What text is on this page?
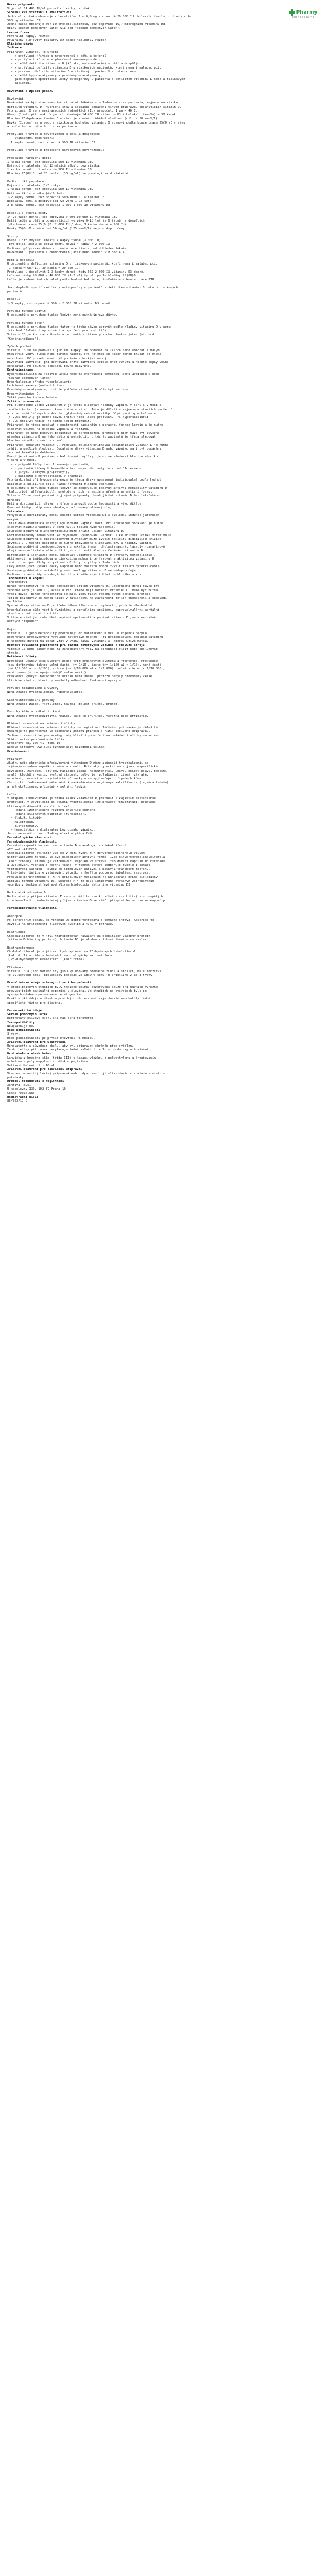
Pharmy
online lékárna
Název přípravku
Vigantol 14 400 IU/ml perorální kapky, roztok
Složení kvalitativní i kvalitativní
Jedna ml roztoku obsahuje colecalciferolum 0,5 mg (odpovídá 20 000 IU cholecalciferolu, což odpovídá
500 ug vitaminu D3).
Jedna kapka obsahuje 667 IU cholecalciferolu, což odpovídá 16,7 mikrogramu vitaminu D3.
Úplný seznam pomocných látek viz bod "Seznam pomocných látek".
Léková forma
Perorální kapky, roztok
Průzračný olejovitý bezbarvý až slabě nažloutlý roztok.
Klinické údaje
Indikace
Přípravek Vigantol je určen:
- k profylaxi křivice u novorozenců a dětí a kojenců,
- k profylaxi křivice u předčasně narozených dětí,
- k léčbě deficitu vitaminu D (křivka, osteomalacie) u dětí a dospělých,
- k profylaxi deficitu vitaminu D u rizikových pacientů, kteří nemají malabsorpci,
- k prevenci deficitu vitaminu D u rizikových pacientů s osteoporózou,
- k léčbě hypoparatyreózy a pseudohypoparatyreózy,
- jako doplněk specifické léčby osteoporózy u pacientů s deficitem vitaminu D nebo u rizikových
pacientů.
Dávkování a způsob podání
Dávkování
Dávkování má být stanoveno individuálně lékařem s ohledem na stav pacienta, zejména na riziko
deficitu vitaminu D, nutriční stav a současné podávání jiných přípravků obsahujících vitamin D.
Pro vitamin D se v mezinárodních jednotkách (IU) přepočet: 1 µg = 40 IU.
Obsah (1 ml) přípravku Vigantol obsahuje 14 400 IU vitaminu D3 (cholekalciferolu) = 30 kapek.
Hladinu 25-hydroxyvitaminu D v séru je vhodné průběžně sledovat (cíl: > 50 nmol/l).
Dávka (IU/den) se u osob s rizikovou hodnotou vitaminu D stanoví podle koncentrace 25(OH)D v séru
a podle individuálního rizika pacienta.
Profylaxe křivice u novorozenců a dětí a dospělých:
- Standardní doporučení:
1 kapka denně, což odpovídá 500 IU vitaminu D3.
Profylaxe křivice u předčasně narozených novorozenců:
Předčasně narození děti:
1 kapka denně, což odpovídá 500 IU vitaminu D3.
Kojenci a batolata (do 12 měsíců věku), bez rizika:
1 kapka denně, což odpovídá 500 IU vitaminu D3.
Hladiny 25(OH)D nad 75 nmol/l (30 ng/ml) se považují za dostatečné.
Pediatrická populace
Kojenci a batolata (1-3 roky):
1 kapka denně, což odpovídá 500 IU vitaminu D3.
Děti ve školním věku (4-10 let):
1-2 kapky denně, což odpovídá 500-1000 IU vitaminu D3.
Batolata, děti a dospívající ve věku 1-18 let:
2-3 kapky denně, což odpovídá 1 000-1 500 IU vitaminu D3.
Dospělí a starší osoby
14-20 kapek denně, což odpovídá 7 000-10 000 IU vitaminu D3.
Delší léčba u dětí a dospívajících ve věku 0-18 let (a 6 týdnů) a dospělých:
(dle koncentrace 25(OH)D, 2 000 IU / den, 1 kapka denně = 500 IU)
Dávky 25(OH)D v séru nad 50 ng/ml (125 nmol/l) nejsou doporučeny.
Sirupy:
Dospělí pro zvýšení efektu 4 kapky týdně (2 000 IU).
(pro delší léčbu se užívá denní dávka 4 kapky = 2 000 IU)
Podávání přípravku dětem v prvním roce života pod dohledem lékaře.
Dávkování u pacientů s onemocněním jater nebo ledvin viz bod 4.4.
Děti a dospělí:
U pacientů s deficitem vitaminu D u rizikových pacientů, kteří nemají malabsorpci:
(1 kapka = 667 IU, 30 kapek = 20 000 IU)
Profylaxe u dospělých 1-3 kapky denně, tedy 667-2 000 IU vitaminu D3 denně.
Léčebné dávky 20 000 - 40 000 IU (1-2 ml) týdně, podle hladiny 25(OH)D.
Léčba je vedena individuálně podle hodnot kalcémie, fosfatémie a koncentrace PTH.
Jako doplněk specifické léčby osteoporózy u pacientů s deficitem vitaminu D nebo u rizikových
pacientů:
Dospělí
1-3 kapky, což odpovídá 500 - 2 000 IU vitaminu D3 denně.
Porucha funkce ledvin
U pacientů s poruchou funkce ledvin není nutná úprava dávky.
Porucha funkce jater
U pacientů s poruchou funkce jater je třeba dávku upravit podle hladiny vitaminu D v séru
(viz bod "Zvláštní upozornění a opatření pro použití").
Vitamin D3 je kontraindikován u pacientů s těžkou poruchou funkce jater (viz bod
"Kontraindikace").
Způsob podání
Vitamin D3 se má podávat s jídlem. Kapky lze podávat na lžičce nebo smíchat s malým
množstvím vody, mléka nebo jiného nápoje. Pro kojence se kapky mohou přidat do mléka
nebo kaše. Přípravek nesmí být podáván s horkými nápoji.
Dávkovací lahvička: při dávkování držte lahvičku svisle dnem vzhůru a nechte kapky volně
odkapávat. Po použití lahvičku pevně uzavřete.
Kontraindikace
Hypersenzitivita na léčivou látku nebo na kteroukoli pomocnou látku uvedenou v bodě
"Seznam pomocných látek".
Hyperkalcemie a/nebo hyperkalciurie.
Ledvinové kameny (nefrolitiáza).
Pseudohypoparatyreóza, protože potřeba vitaminu D může být snížena.
Hypervitaminóza D.
Těžká porucha funkce ledvin.
Zvláštní upozornění
Při dlouhodobé léčbě vitaminem D je třeba sledovat hladiny vápníku v séru a v moči a
renální funkci (stanovení kreatininu v séru). Toto je důležité zejména u starších pacientů
a u pacientů léčených srdečními glykosidy nebo diuretiky. V případě hyperkalcemie
(> 2,65 mmol/l) je nutné dávku snížit nebo léčbu přerušit. Při hyperkalciurii
(> 7,5 mmol/24 hodin) je nutné léčbu přerušit.
Přípravek je třeba podávat s opatrností pacientům s poruchou funkce ledvin a je nutné
sledovat účinek na hladinu vápníku a fosfátů.
Přípravek se nemá podávat pacientům se sarkoidózou, protože u nich může být zvýšená
přeměna vitaminu D na jeho aktivní metabolit. U těchto pacientů je třeba sledovat
hladinu vápníku v séru a v moči.
Přípravek obsahuje vitamin D. Podávání dalších přípravků obsahujících vitamin D je nutné
zvážit a pečlivě sledovat. Dodatečné dávky vitaminu D nebo vápníku mají být podávány
jen pod lékařským dohledem.
Pokud je vitamin D podáván s kalciovými doplňky, je nutné sledovat hladinu vápníku
v séru a v moči.
- v případě léčby imobilizovaných pacientů,
- u pacientů léčených benzothiadiazinovými deriváty (viz bod "Interakce
s jinými léčivými přípravky"),
- u pacientů s nefrolitiázou v anamnéze.
Pro dávkování při hypoparatyreóze je třeba dávky upravovat individuálně podle hodnot
kalcémie a kalciurie (cíl: nízká normální hladina vápníku).
U pacientů s poruchou funkce ledvin se doporučuje podávat aktivní metabolity vitaminu D
(kalcitriol, alfakalcidol), protože u nich je snížena přeměna na aktivní formu.
Vitamin D3 se nemá podávat s jinými přípravky obsahujícími vitamin D bez lékařského
dohledu.
Děti a dospívající: dávku je třeba stanovit podle hmotnosti a věku dítěte.
Pomocné látky: přípravek obsahuje rafinovaný olivový olej.
Interakce
Fenytoin a barbituráty mohou snížit účinek vitaminu D3 v důsledku indukce jaterních
enzymů.
Thiazidová diuretika snižují vylučování vápníku močí. Při současném podávání je nutné
sledovat hladinu vápníku v séru kvůli riziku hyperkalcemie.
Současné podávání glukokortikoidů může snížit účinek vitaminu D.
Kortikosteroidy mohou vést ke zvýšenému vylučování vápníku a ke snížení účinku vitaminu D.
Současné podávání s digitalisovými glykosidy může zvýšit toxicitu digitalisu (riziko
arytmií). U těchto pacientů je nutné pravidelné sledování EKG a hladiny vápníku.
Současné podávání iontoměničových pryskyřic (např. cholestyramin), laxativ (parafinový
olej) nebo orlistatu může snížit gastrointestinální vstřebávání vitaminu D.
Rifampicin a isoniazid mohou snižovat účinnost vitaminu D (zvýšený metabolismus).
Aktinomycin a imidazolová antimykotika mohou interferovat s aktivitou vitaminu D
inhibicí enzymu 25-hydroxyvitamin D-1-hydroxylázy v ledvinách.
Léky obsahující vysoké dávky vápníku nebo fosfátu mohou zvýšit riziko hyperkalcemie.
Současné podávání s metabolity nebo analogy vitaminu D se nedoporučuje.
Podávání s antacidy obsahujícími hliník může zvýšit hladinu hliníku v krvi.
Těhotenství a kojení
Těhotenství
Během těhotenství je nutné dostatečný příjem vitaminu D. Doporučená denní dávka pro
těhotné ženy je 400 IU, avšak u žen, které mají deficit vitaminu D, může být nutná
vyšší dávka. Během těhotenství se mají ženy řídit radami svého lékaře, protože
jejich požadavky se mohou lišit v závislosti na závažnosti jejich onemocnění a odpovědi
na léčbu.
Vysoké dávky vitaminu D je třeba během těhotenství vyloučit, protože dlouhodobá
hyperkalcemie může vést k fyzickému a mentálnímu opoždění, supravalvulární aortální
stenóze a retinopatii dítěte.
V těhotenství je třeba dbát zvýšené opatrnosti a podávat vitamin D jen v nezbytně
nutných případech.
Kojení
Vitamin D a jeho metabolity přecházejí do mateřského mléka. U kojenců nebylo
pozorováno předávkování vyvolané mateřským mlékem. Při předepisování doplňků vitaminu
D kojenému dítěti má lékař vzít v úvahu dávku vitaminu D, kterou užívá matka.
Možnost ovlivnění pozornosti při řízení motorových vozidel a obsluze strojů
Vitamin D3 nemá žádný nebo má zanedbatelný vliv na schopnost řídit nebo obsluhovat
stroje.
Nežádoucí účinky
Nežádoucí účinky jsou uvedeny podle tříd orgánových systémů a frekvence. Frekvence
jsou definovány takto: velmi časté (>= 1/10), časté (>= 1/100 až < 1/10), méně časté
(>= 1/1 000 až < 1/100), vzácné (>= 1/10 000 až < 1/1 000), velmi vzácné (< 1/10 000),
není známo (z dostupných údajů nelze určit).
Frekvence výskytu nežádoucích účinků není známa, protože nebyly provedeny velké
klinické studie, které by umožnily odhadnout frekvenci výskytu.
Poruchy metabolismu a výživy
Není známo: hyperkalcemie, hyperkalciurie.
Gastrointestinální poruchy
Není známo: zácpa, flatulence, nauzea, bolest břicha, průjem.
Poruchy kůže a podkožní tkáně
Není známo: hypersenzitivní reakce, jako je pruritus, vyrážka nebo urtikarie.
Hlášení podezření na nežádoucí účinky
Hlášení podezření na nežádoucí účinky po registraci léčivého přípravku je důležité.
Umožňuje to pokračovat ve sledování poměru přínosů a rizik léčivého přípravku.
Žádáme zdravotnické pracovníky, aby hlásili podezření na nežádoucí účinky na adresu:
Státní ústav pro kontrolu léčiv
Šrobárova 48, 100 41 Praha 10
Webové stránky: www.sukl.cz/nahlasit-nezadouci-ucinek
Předávkování
Příznaky
Akutní nebo chronické předávkování vitaminem D může způsobit hyperkalcemii se
zvýšeným obsahem vápníku v séru a v moči. Příznaky hyperkalcemie jsou nespecifické:
nevolnost, zvracení, průjem, následně zácpa, nechutenství, únava, bolest hlavy, bolesti
svalů, kloubů a kostí, svalová slabost, polyurie, polydipsie, žízeň, závratě,
ospalost, nervozita, psychotické příznaky a ve výjimečných případech kóma.
Chronické předávkování může vést k vaskulárním a orgánovým kalcifikacím (zejména ledvin)
a nefrokalcinóze, případně k selhání ledvin.
Léčba
V případě předávkování je třeba léčbu vitaminem D přerušit a zajistit dostatečnou
hydrataci. V závislosti na stupni hyperkalcemie lze provést rehydrataci, podávání
kličkových diuretik a dalších léků:
- Podání izotonického roztoku chloridu sodného,
- Podání kličkových diuretik (furosemid),
- Glukokortikoidy,
- Kalcitonin,
- Bisfosfonáty.
- Hemodialýza s dialyzátem bez obsahu vápníku.
Je nutné monitorovat hladiny elektrolytů a EKG.
Farmakologické vlastnosti
Farmakodynamické vlastnosti
Farmakoterapeutická skupina: vitamin D a analoga, cholekalciferol
ATC kód: A11CC05
Cholekalciferol (vitamin D3) se v kůži tvoří z 7-dehydrocholesterolu vlivem
ultrafialového záření. Ve své biologicky aktivní formě, 1,25-dihydroxycholekalciferolu
(kalcitriolu), stimuluje vstřebávání vápníku ve střevě, zabudování vápníku do osteoidu
a uvolňování vápníku z kostní tkáně. V tenkém střevě podporuje rychlé i pomalé
vstřebávání vápníku. Rovněž je stimulován aktivní i pasivní transport fosfátu.
V ledvinách inhibuje vylučování vápníku a fosfátu podporou tubulární resorpce.
Produkce parathormonu (PTH) v příštítných tělískách je inhibována přímo biologicky
aktivní formou vitaminu D3. Sekrece PTH je dále inhibována zvýšeným vstřebáváním
vápníku v tenkém střevě pod vlivem biologicky aktivního vitaminu D3.
Nedostatek vitaminu D
Nedostatečný příjem vitaminu D vede u dětí ke vzniku křivice (rachitis) a u dospělých
k osteomalacii. Nedostatečný příjem vitaminu D ve stáří přispívá ke vzniku osteoporózy.
Farmakokinetické vlastnosti
Absorpce
Po perorálním podání se vitamin D3 dobře vstřebává z tenkého střeva. Absorpce je
závislá na přítomnosti žlučových kyselin a tuků v potravě.
Distribuce
Cholekalciferol je v krvi transportován navázaný na specifický vazebný protein
(vitamin D binding protein). Vitamin D3 je uložen v tukové tkáni a ve svalech.
Biotransformace
Cholekalciferol je v játrech hydroxylován na 25-hydroxycholekalciferol
(kalcidiol) a dále v ledvinách na biologicky aktivní formu
1,25-dihydroxycholekalciferol (kalcitriol).
Eliminace
Vitamin D3 a jeho metabolity jsou vylučovány převážně žlučí a stolicí, malé množství
je vylučováno močí. Biologický poločas 25(OH)D v séru je přibližně 2 až 3 týdny.
Předklinické údaje vztahující se k bezpečnosti
V předklinických studiích byly toxické účinky pozorovány pouze při dávkách výrazně
převyšujících maximální expozici u člověka. Ve studiích na zvířatech byla po
vysokých dávkách pozorována teratogenita.
Preklinické údaje u dávek odpovídajících terapeutickým dávkám neodhalily žádné
specifické riziko pro člověka.
Farmaceutické údaje
Seznam pomocných látek
Rafinovaný olivový olej, all-rac-alfa-tokoferol
Inkompatibility
Neuplatňuje se.
Doba použitelnosti
3 roky.
Doba použitelnosti po prvním otevření: 6 měsíců.
Zvláštní opatření pro uchovávání
Uchovávejte v původním obalu, aby byl přípravek chráněn před světlem.
Tento léčivý přípravek nevyžaduje žádné zvláštní teplotní podmínky uchovávání.
Druh obalu a obsah balení
Lahvička z hnědého skla (třída III) s kapací vložkou z polyethylenu a šroubovacím
uzávěrem z polypropylenu s dětskou pojistkou.
Velikost balení: 1 x 10 ml.
Zvláštní opatření pro likvidaci přípravku
Všechen nepoužitý léčivý přípravek nebo odpad musí být zlikvidován v souladu s místními
požadavky.
Držitel rozhodnutí o registraci
Zentiva, k.s.
U kabelovny 130, 102 37 Praha 10
Česká republika
Registrační číslo
86/003/19-C
